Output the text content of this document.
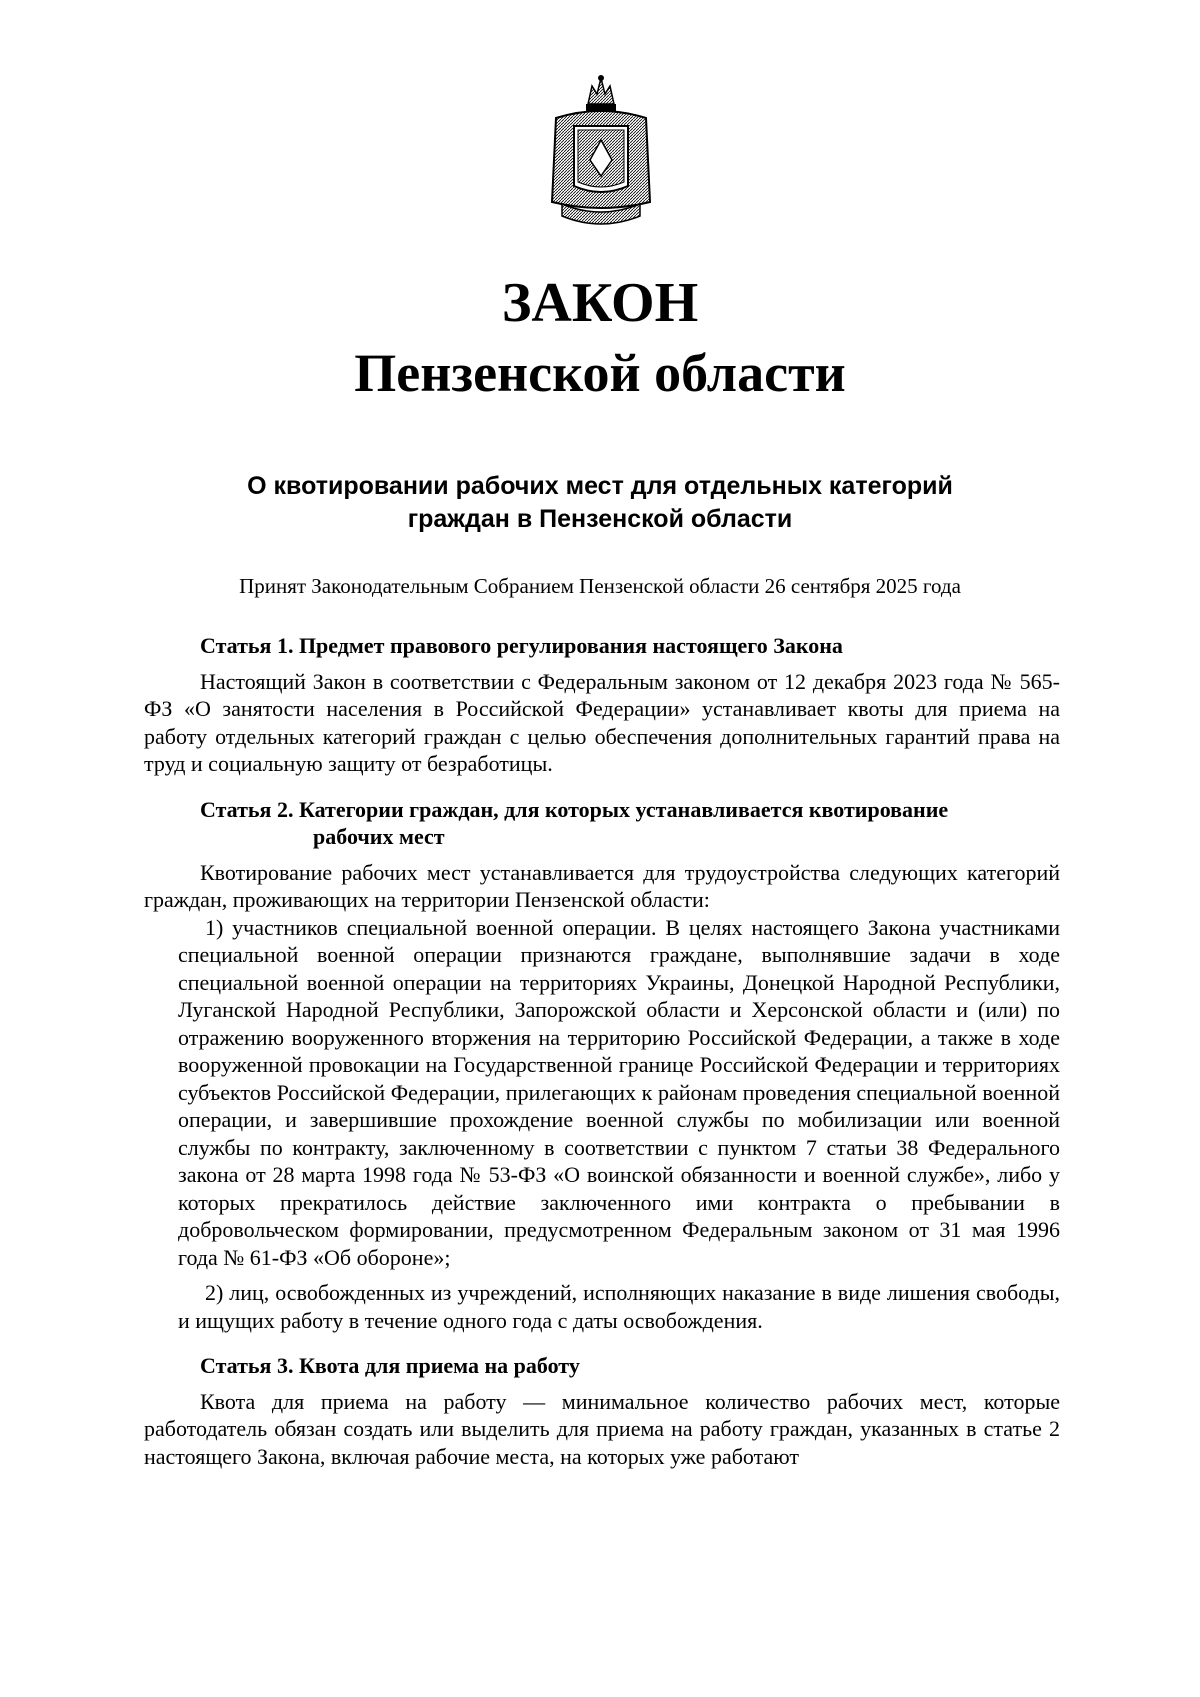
ЗАКОН
Пензенской области
О квотировании рабочих мест для отдельных категорий
граждан в Пензенской области
Принят Законодательным Собранием Пензенской области 26 сентября 2025 года

Статья 1. Предмет правового регулирования настоящего Закона

Настоящий Закон в соответствии с Федеральным законом от 12 декабря 2023 года № 565-ФЗ «О занятости населения в Российской Федерации» устанавливает квоты для приема на работу отдельных категорий граждан с целью обеспечения дополнительных гарантий права на труд и социальную защиту от безработицы.

Статья 2. Категории граждан, для которых устанавливается квотирование
рабочих мест

Квотирование рабочих мест устанавливается для трудоустройства следующих категорий граждан, проживающих на территории Пензенской области:

1) участников специальной военной операции. В целях настоящего Закона участниками специальной военной операции признаются граждане, выполнявшие задачи в ходе специальной военной операции на территориях Украины, Донецкой Народной Республики, Луганской Народной Республики, Запорожской области и Херсонской области и (или) по отражению вооруженного вторжения на территорию Российской Федерации, а также в ходе вооруженной провокации на Государственной границе Российской Федерации и территориях субъектов Российской Федерации, прилегающих к районам проведения специальной военной операции, и завершившие прохождение военной службы по мобилизации или военной службы по контракту, заключенному в соответствии с пунктом 7 статьи 38 Федерального закона от 28 марта 1998 года № 53-ФЗ «О воинской обязанности и военной службе», либо у которых прекратилось действие заключенного ими контракта о пребывании в добровольческом формировании, предусмотренном Федеральным законом от 31 мая 1996 года № 61-ФЗ «Об обороне»;

2) лиц, освобожденных из учреждений, исполняющих наказание в виде лишения свободы, и ищущих работу в течение одного года с даты освобождения.

Статья 3. Квота для приема на работу

Квота для приема на работу — минимальное количество рабочих мест, которые работодатель обязан создать или выделить для приема на работу граждан, указанных в статье 2 настоящего Закона, включая рабочие места, на которых уже работают
